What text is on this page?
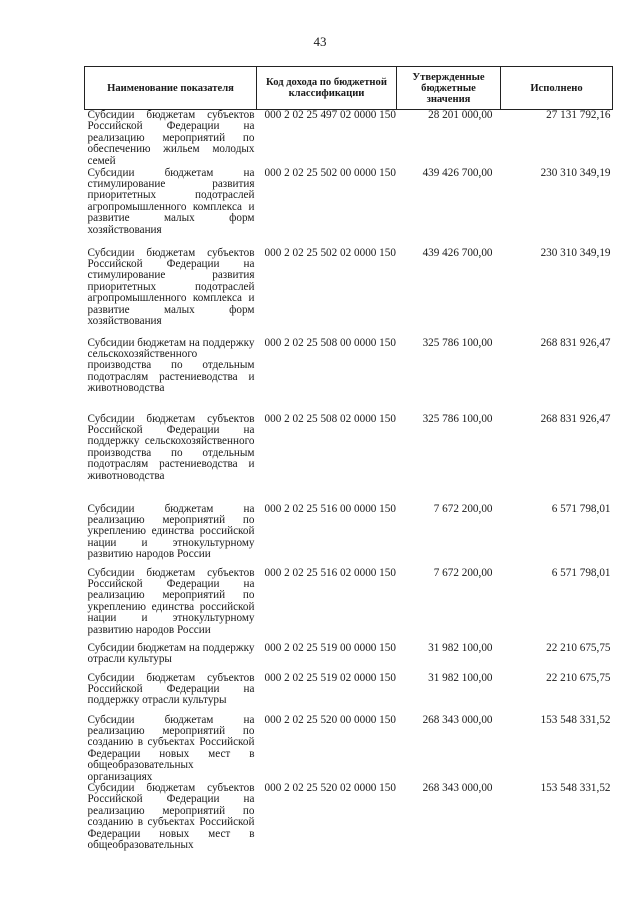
43
Наименование показателя	Код дохода по бюджетной классификации	Утвержденные бюджетные значения	Исполнено
Субсидии бюджетам субъектов Российской Федерации на реализацию мероприятий по обеспечению жильем молодых семей	000 2 02 25 497 02 0000 150	28 201 000,00	27 131 792,16
Субсидии бюджетам на стимулирование развития приоритетных подотраслей агропромышленного комплекса и развитие малых форм хозяйствования	000 2 02 25 502 00 0000 150	439 426 700,00	230 310 349,19
Субсидии бюджетам субъектов Российской Федерации на стимулирование развития приоритетных подотраслей агропромышленного комплекса и развитие малых форм хозяйствования	000 2 02 25 502 02 0000 150	439 426 700,00	230 310 349,19
Субсидии бюджетам на поддержку сельскохозяйственного производства по отдельным подотраслям растениеводства и животноводства	000 2 02 25 508 00 0000 150	325 786 100,00	268 831 926,47
Субсидии бюджетам субъектов Российской Федерации на поддержку сельскохозяйственного производства по отдельным подотраслям растениеводства и животноводства	000 2 02 25 508 02 0000 150	325 786 100,00	268 831 926,47
Субсидии бюджетам на реализацию мероприятий по укреплению единства российской нации и этнокультурному развитию народов России	000 2 02 25 516 00 0000 150	7 672 200,00	6 571 798,01
Субсидии бюджетам субъектов Российской Федерации на реализацию мероприятий по укреплению единства российской нации и этнокультурному развитию народов России	000 2 02 25 516 02 0000 150	7 672 200,00	6 571 798,01
Субсидии бюджетам на поддержку отрасли культуры	000 2 02 25 519 00 0000 150	31 982 100,00	22 210 675,75
Субсидии бюджетам субъектов Российской Федерации на поддержку отрасли культуры	000 2 02 25 519 02 0000 150	31 982 100,00	22 210 675,75
Субсидии бюджетам на реализацию мероприятий по созданию в субъектах Российской Федерации новых мест в общеобразовательных организациях	000 2 02 25 520 00 0000 150	268 343 000,00	153 548 331,52
Субсидии бюджетам субъектов Российской Федерации на реализацию мероприятий по созданию в субъектах Российской Федерации новых мест в общеобразовательных	000 2 02 25 520 02 0000 150	268 343 000,00	153 548 331,52
